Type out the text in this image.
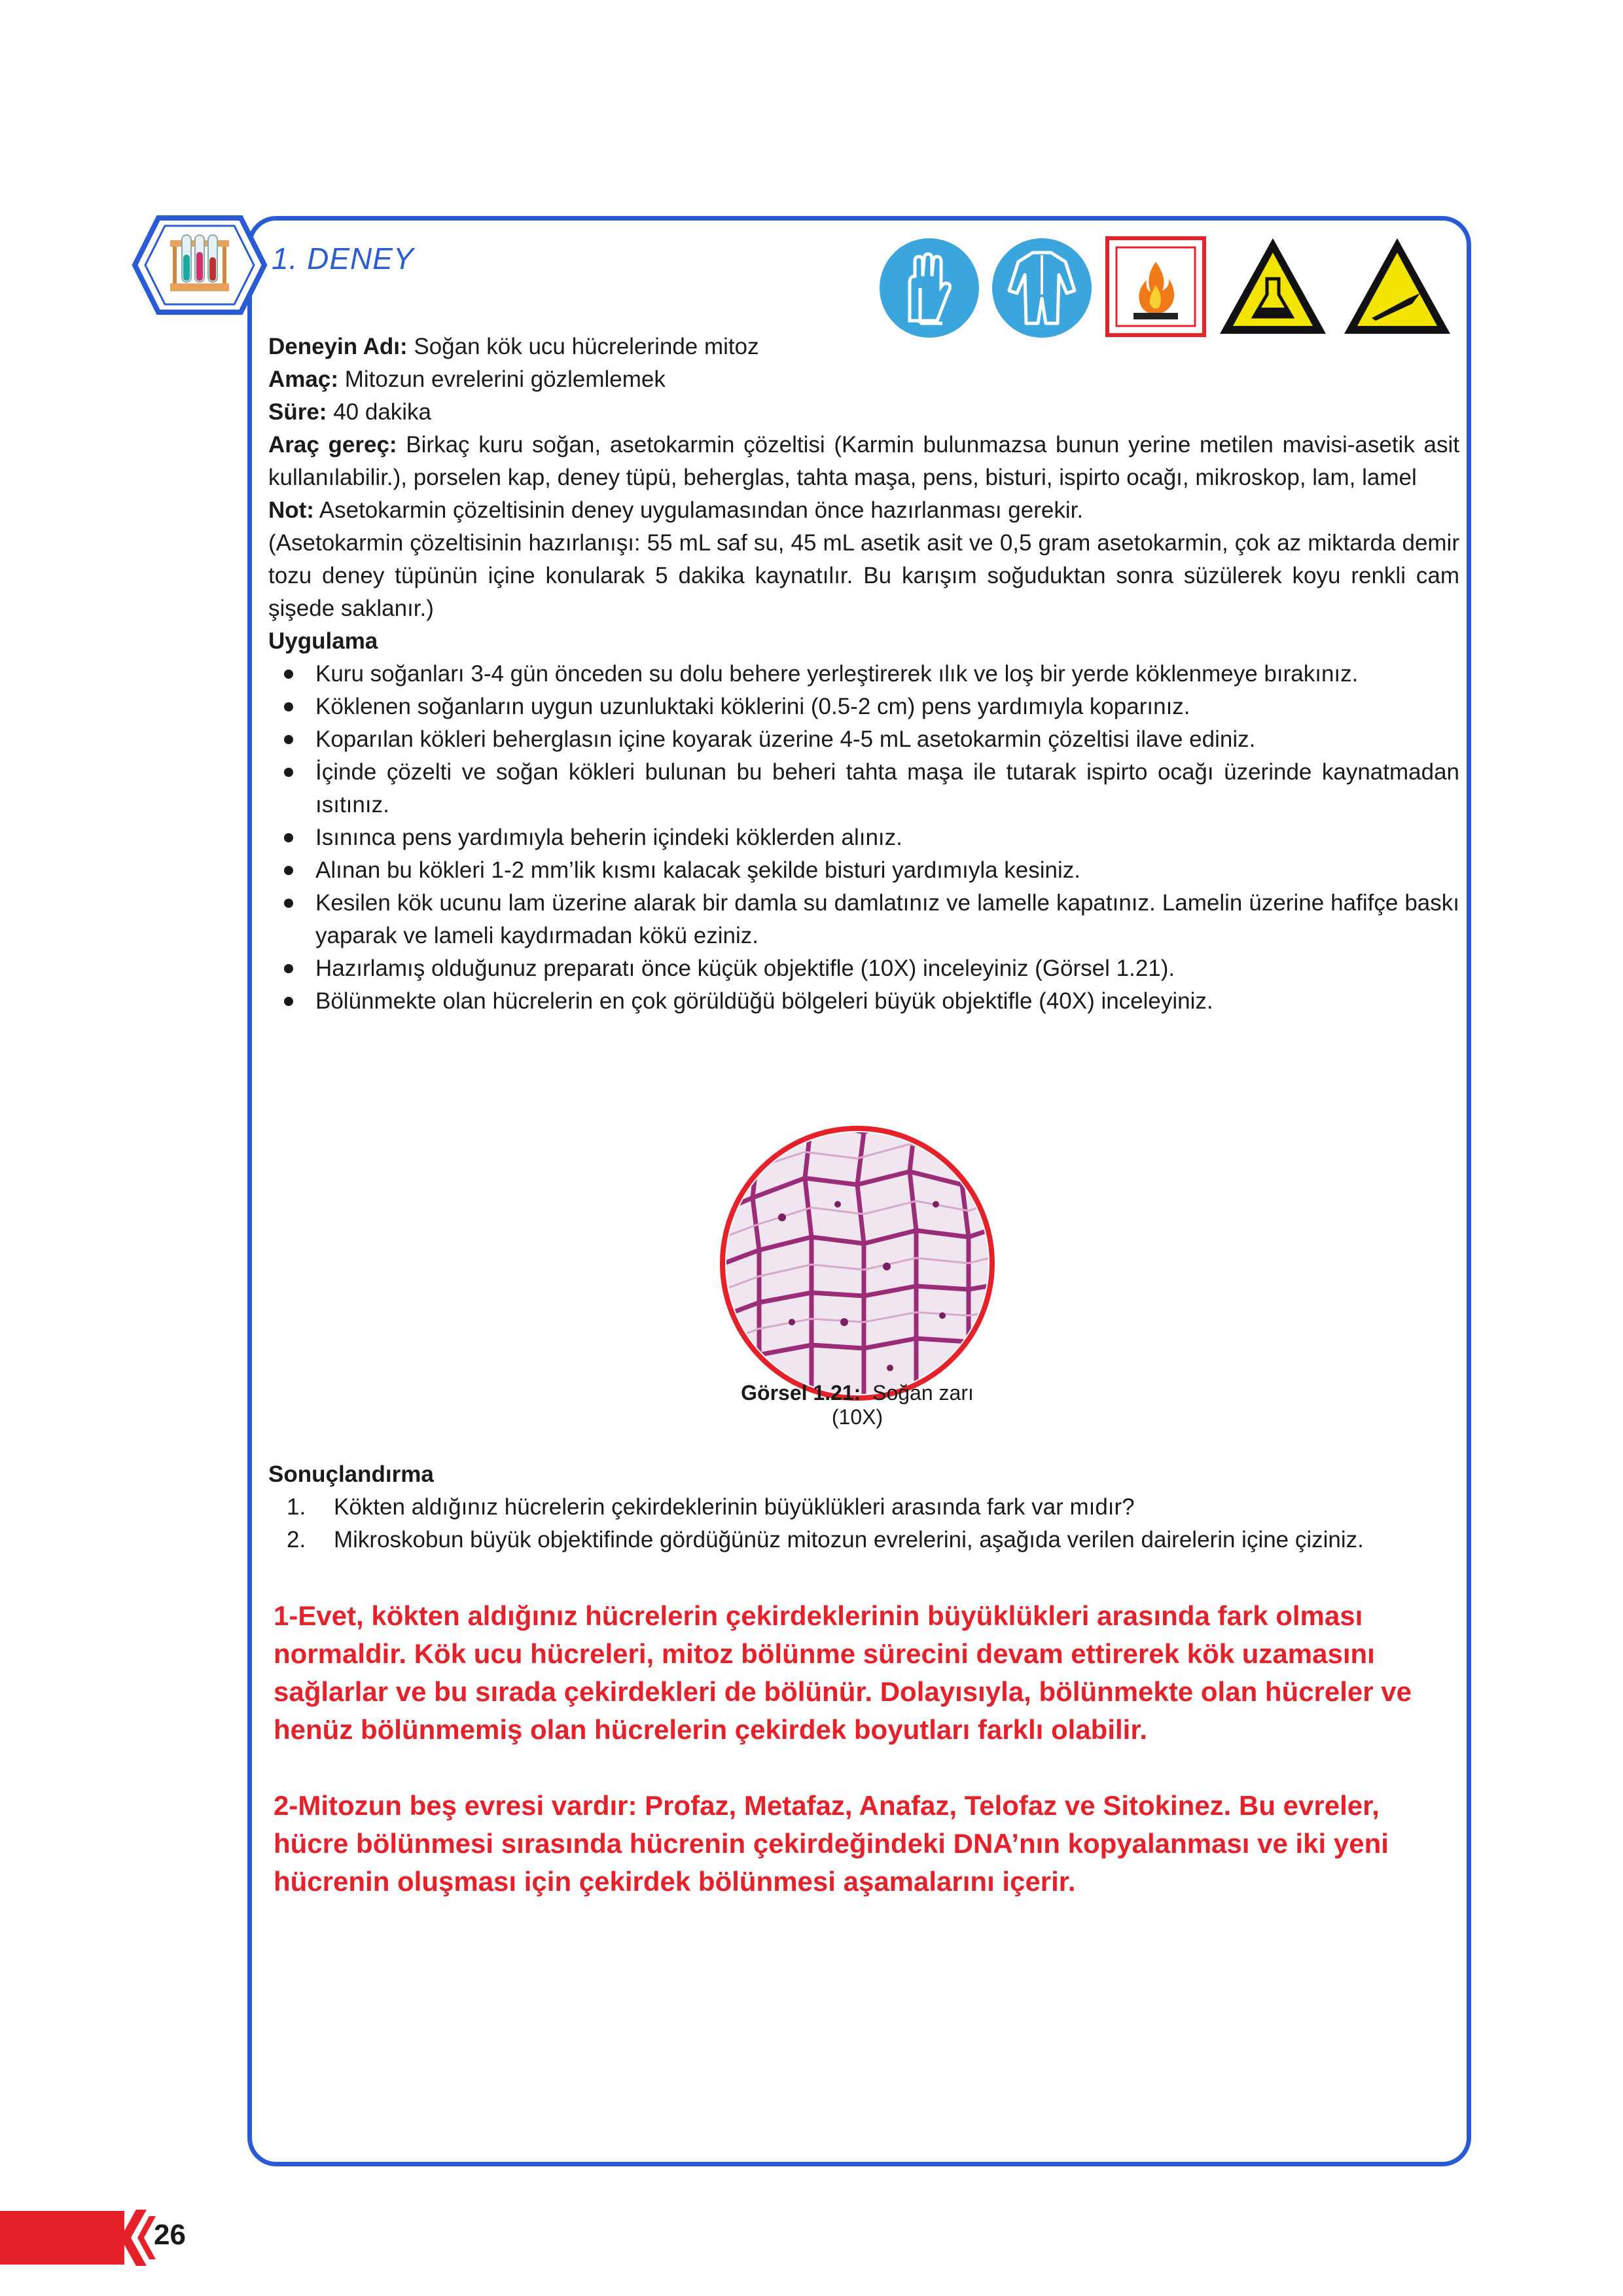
1. DENEY

Deneyin Adı: Soğan kök ucu hücrelerinde mitoz

Amaç: Mitozun evrelerini gözlemlemek

Süre: 40 dakika

Araç gereç: Birkaç kuru soğan, asetokarmin çözeltisi (Karmin bulunmazsa bunun yerine metilen mavisi-asetik asit kullanılabilir.), porselen kap, deney tüpü, beherglas, tahta maşa, pens, bisturi, ispirto ocağı, mikroskop, lam, lamel

Not: Asetokarmin çözeltisinin deney uygulamasından önce hazırlanması gerekir.

(Asetokarmin çözeltisinin hazırlanışı: 55 mL saf su, 45 mL asetik asit ve 0,5 gram asetokarmin, çok az miktarda demir tozu deney tüpünün içine konularak 5 dakika kaynatılır. Bu karışım soğuduktan sonra süzülerek koyu renkli cam şişede saklanır.)

Uygulama

Kuru soğanları 3-4 gün önceden su dolu behere yerleştirerek ılık ve loş bir yerde köklenmeye bırakınız.
Köklenen soğanların uygun uzunluktaki köklerini (0.5-2 cm) pens yardımıyla koparınız.
Koparılan kökleri beherglasın içine koyarak üzerine 4-5 mL asetokarmin çözeltisi ilave ediniz.
İçinde çözelti ve soğan kökleri bulunan bu beheri tahta maşa ile tutarak ispirto ocağı üzerinde kaynatmadan ısıtınız.
Isınınca pens yardımıyla beherin içindeki köklerden alınız.
Alınan bu kökleri 1-2 mm’lik kısmı kalacak şekilde bisturi yardımıyla kesiniz.
Kesilen kök ucunu lam üzerine alarak bir damla su damlatınız ve lamelle kapatınız. Lamelin üzerine hafifçe baskı yaparak ve lameli kaydırmadan kökü eziniz.
Hazırlamış olduğunuz preparatı önce küçük objektifle (10X) inceleyiniz (Görsel 1.21).
Bölünmekte olan hücrelerin en çok görüldüğü bölgeleri büyük objektifle (40X) inceleyiniz.
Görsel 1.21: Soğan zarı (10X)

Sonuçlandırma

1. Kökten aldığınız hücrelerin çekirdeklerinin büyüklükleri arasında fark var mıdır?
2. Mikroskobun büyük objektifinde gördüğünüz mitozun evrelerini, aşağıda verilen dairelerin içine çiziniz.

1-Evet, kökten aldığınız hücrelerin çekirdeklerinin büyüklükleri arasında fark olması normaldir. Kök ucu hücreleri, mitoz bölünme sürecini devam ettirerek kök uzamasını sağlarlar ve bu sırada çekirdekleri de bölünür. Dolayısıyla, bölünmekte olan hücreler ve henüz bölünmemiş olan hücrelerin çekirdek boyutları farklı olabilir.

2-Mitozun beş evresi vardır: Profaz, Metafaz, Anafaz, Telofaz ve Sitokinez. Bu evreler, hücre bölünmesi sırasında hücrenin çekirdeğindeki DNA’nın kopyalanması ve iki yeni hücrenin oluşması için çekirdek bölünmesi aşamalarını içerir.

26
